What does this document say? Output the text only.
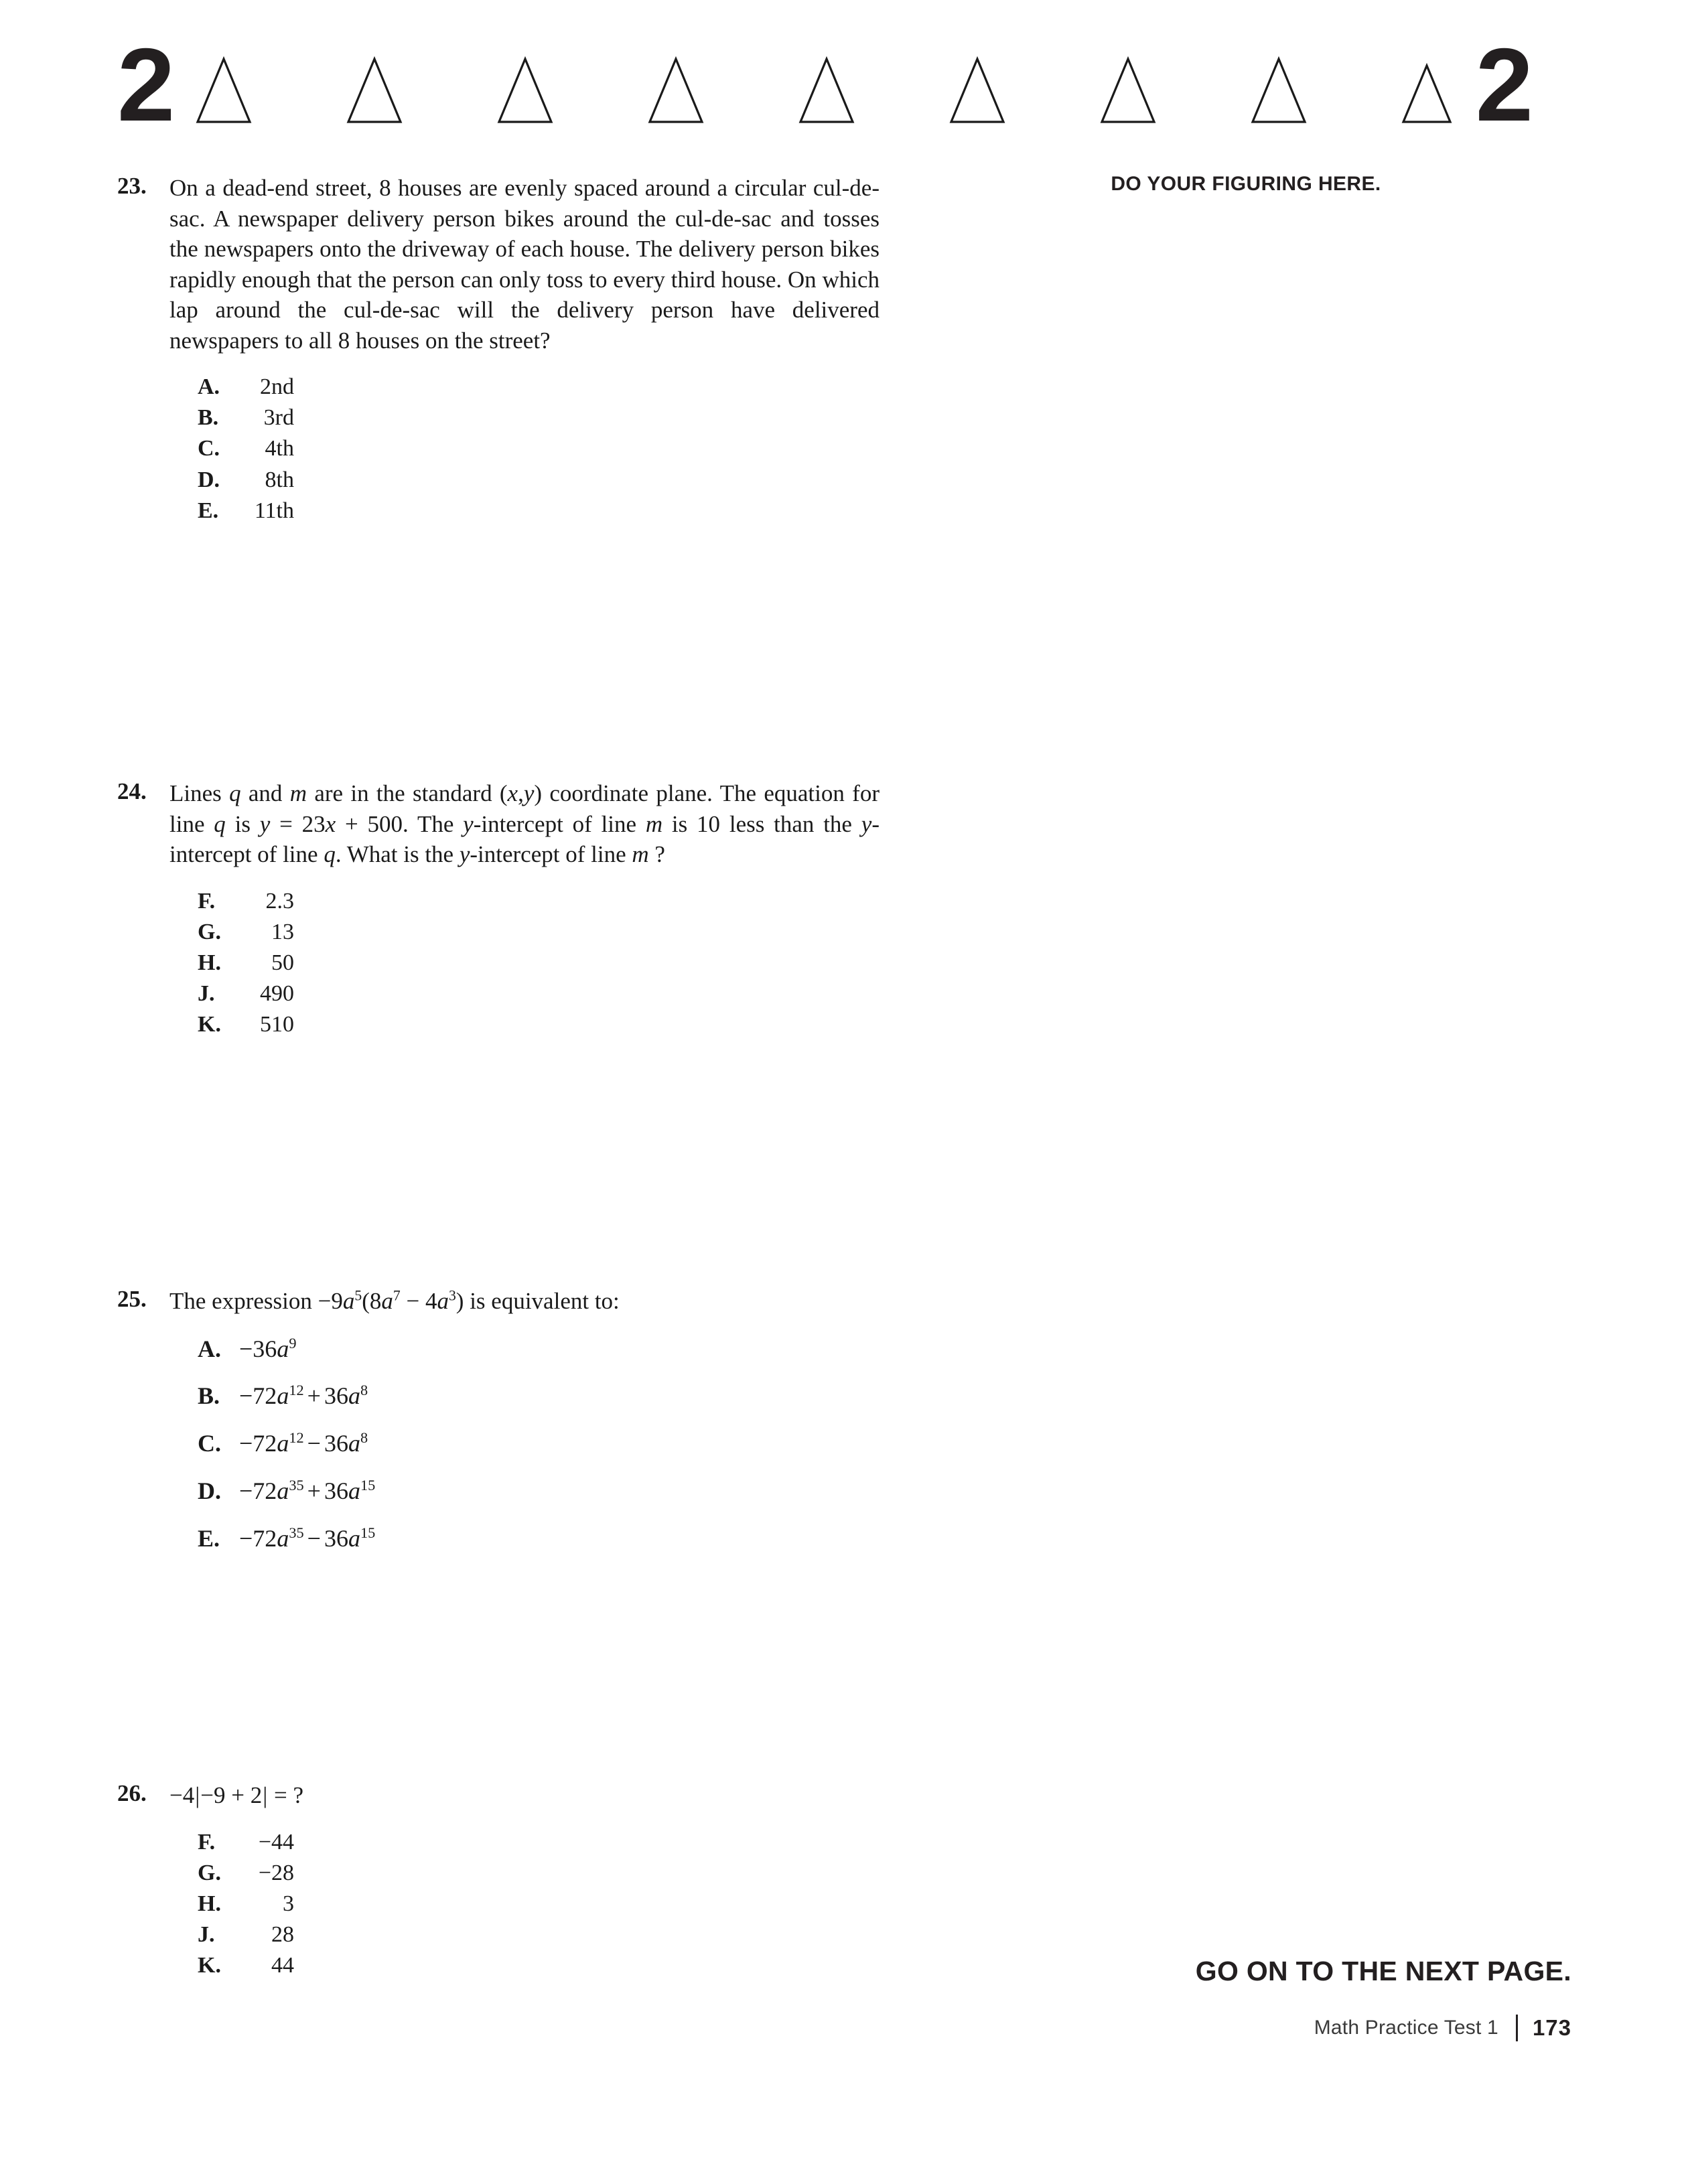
2	2
23. On a dead-end street, 8 houses are evenly spaced around a circular cul-de-sac. A newspaper delivery person bikes around the cul-de-sac and tosses the newspapers onto the driveway of each house. The delivery person bikes rapidly enough that the person can only toss to every third house. On which lap around the cul-de-sac will the delivery person have delivered newspapers to all 8 houses on the street?
A.	2nd
B.	3rd
C.	4th
D.	8th
E.	11th
24. Lines q and m are in the standard (x,y) coordinate plane. The equation for line q is y = 23x + 500. The y-intercept of line m is 10 less than the y-intercept of line q. What is the y-intercept of line m ?
F.	2.3
G.	13
H.	50
J.	490
K.	510
25. The expression $-9a^5(8a^7 - 4a^3)$ is equivalent to:
A. $-36a^9$
B. $-72a^{12} + 36a^8$
C. $-72a^{12} - 36a^8$
D. $-72a^{35} + 36a^{15}$
E. $-72a^{35} - 36a^{15}$
26. −4|−9 + 2| = ?
F.	−44
G.	−28
H.	3
J.	28
K.	44
DO YOUR FIGURING HERE.
GO ON TO THE NEXT PAGE.
Math Practice Test 1 173
